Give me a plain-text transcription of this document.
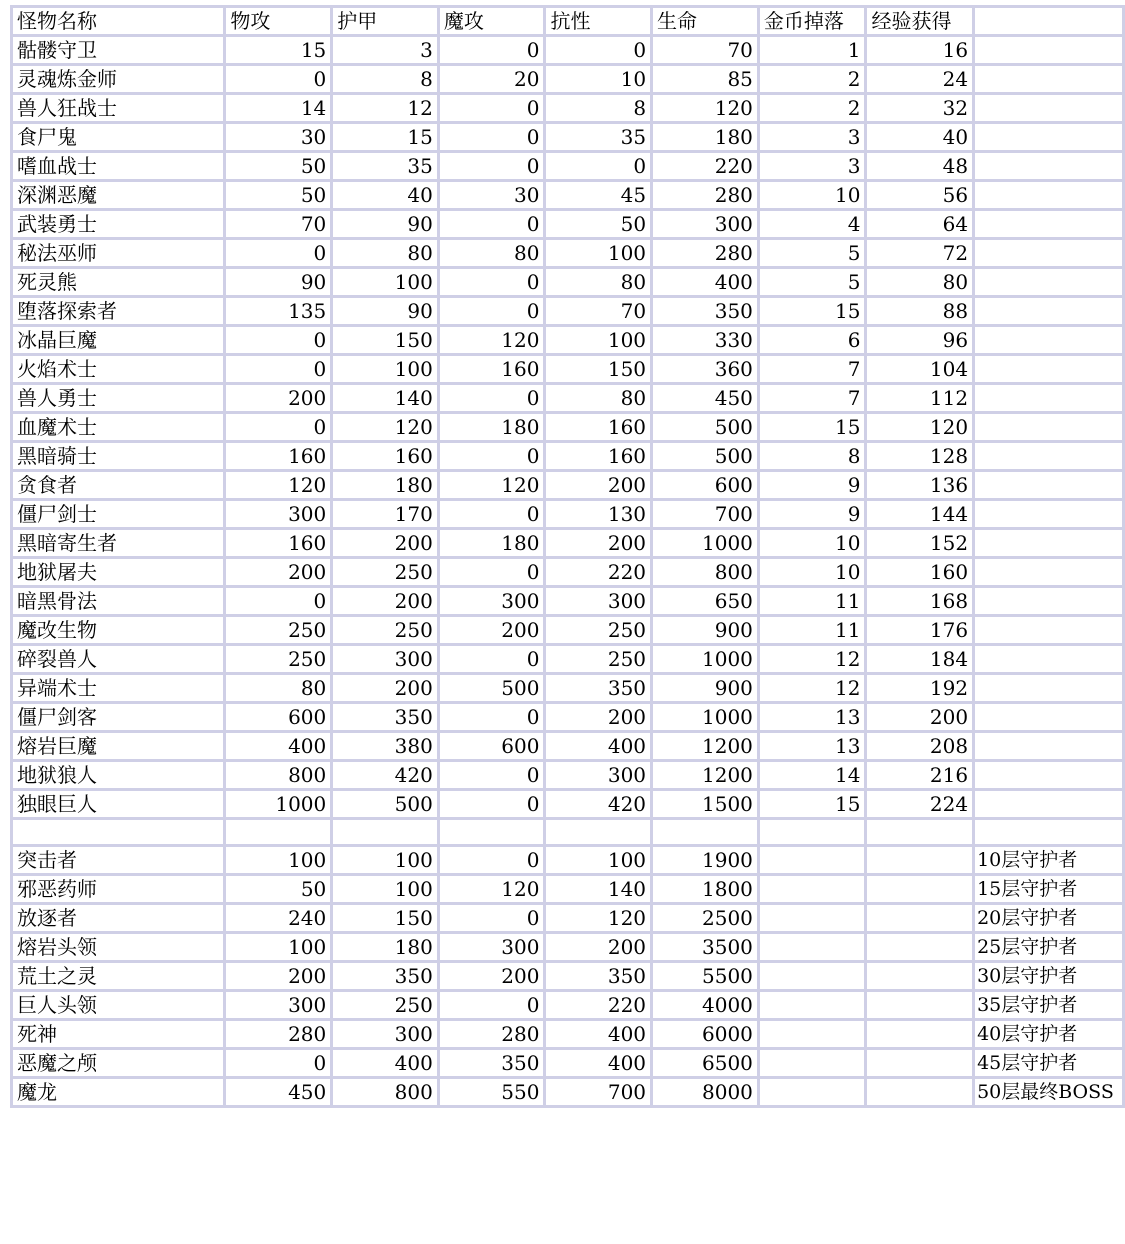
怪物名称	物攻	护甲	魔攻	抗性	生命	金币掉落	经验获得	
骷髅守卫	15	3	0	0	70	1	16	
灵魂炼金师	0	8	20	10	85	2	24	
兽人狂战士	14	12	0	8	120	2	32	
食尸鬼	30	15	0	35	180	3	40	
嗜血战士	50	35	0	0	220	3	48	
深渊恶魔	50	40	30	45	280	10	56	
武装勇士	70	90	0	50	300	4	64	
秘法巫师	0	80	80	100	280	5	72	
死灵熊	90	100	0	80	400	5	80	
堕落探索者	135	90	0	70	350	15	88	
冰晶巨魔	0	150	120	100	330	6	96	
火焰术士	0	100	160	150	360	7	104	
兽人勇士	200	140	0	80	450	7	112	
血魔术士	0	120	180	160	500	15	120	
黑暗骑士	160	160	0	160	500	8	128	
贪食者	120	180	120	200	600	9	136	
僵尸剑士	300	170	0	130	700	9	144	
黑暗寄生者	160	200	180	200	1000	10	152	
地狱屠夫	200	250	0	220	800	10	160	
暗黑骨法	0	200	300	300	650	11	168	
魔改生物	250	250	200	250	900	11	176	
碎裂兽人	250	300	0	250	1000	12	184	
异端术士	80	200	500	350	900	12	192	
僵尸剑客	600	350	0	200	1000	13	200	
熔岩巨魔	400	380	600	400	1200	13	208	
地狱狼人	800	420	0	300	1200	14	216	
独眼巨人	1000	500	0	420	1500	15	224	

突击者	100	100	0	100	1900			10层守护者
邪恶药师	50	100	120	140	1800			15层守护者
放逐者	240	150	0	120	2500			20层守护者
熔岩头领	100	180	300	200	3500			25层守护者
荒土之灵	200	350	200	350	5500			30层守护者
巨人头领	300	250	0	220	4000			35层守护者
死神	280	300	280	400	6000			40层守护者
恶魔之颅	0	400	350	400	6500			45层守护者
魔龙	450	800	550	700	8000			50层最终BOSS
